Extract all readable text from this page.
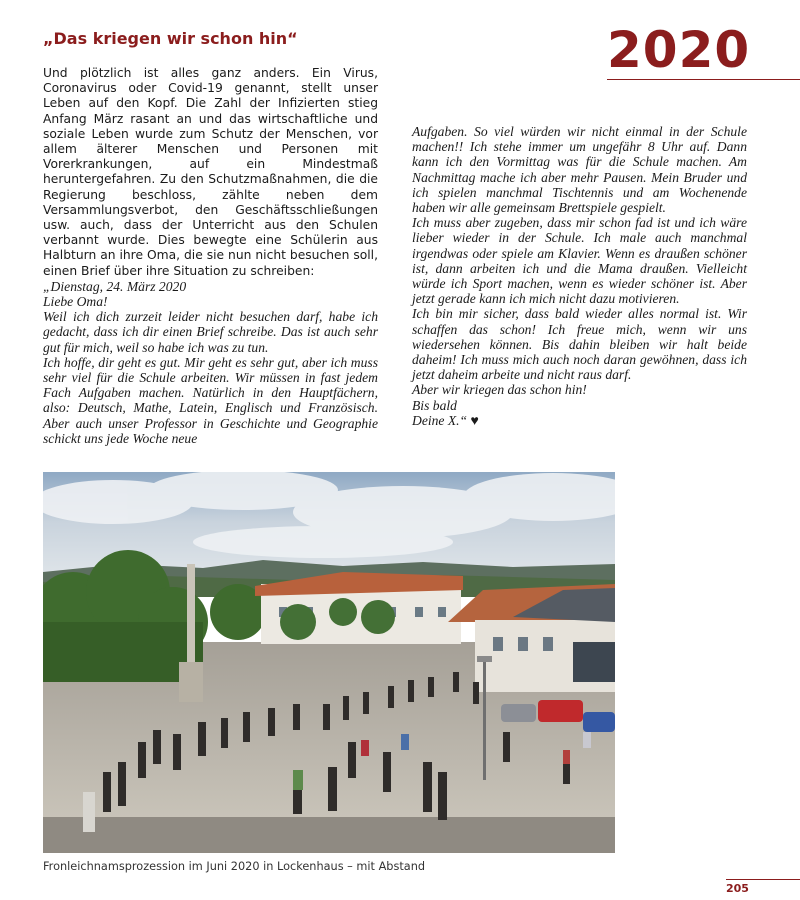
„Das kriegen wir schon hin“	2020

Und plötzlich ist alles ganz anders. Ein Virus, Coronavirus oder Covid-19 genannt, stellt unser Leben auf den Kopf. Die Zahl der Infizierten stieg Anfang März rasant an und das wirtschaftliche und soziale Leben wurde zum Schutz der Menschen, vor allem älterer Menschen und Personen mit Vorerkrankungen, auf ein Mindestmaß heruntergefahren. Zu den Schutzmaßnahmen, die die Regierung beschloss, zählte neben dem Versammlungsverbot, den Geschäftsschließungen usw. auch, dass der Unterricht aus den Schulen verbannt wurde. Dies bewegte eine Schülerin aus Halbturn an ihre Oma, die sie nun nicht besuchen soll, einen Brief über ihre Situation zu schreiben:

„Dienstag, 24. März 2020

Liebe Oma!

Weil ich dich zurzeit leider nicht besuchen darf, habe ich gedacht, dass ich dir einen Brief schreibe. Das ist auch sehr gut für mich, weil so habe ich was zu tun.

Ich hoffe, dir geht es gut. Mir geht es sehr gut, aber ich muss sehr viel für die Schule arbeiten. Wir müssen in fast jedem Fach Aufgaben machen. Natürlich in den Hauptfächern, also: Deutsch, Mathe, Latein, Englisch und Französisch. Aber auch unser Professor in Geschichte und Geographie schickt uns jede Woche neue

Aufgaben. So viel würden wir nicht einmal in der Schule machen!! Ich stehe immer um ungefähr 8 Uhr auf. Dann kann ich den Vormittag was für die Schule machen. Am Nachmittag mache ich aber mehr Pausen. Mein Bruder und ich spielen manchmal Tischtennis und am Wochenende haben wir alle gemeinsam Brettspiele gespielt.

Ich muss aber zugeben, dass mir schon fad ist und ich wäre lieber wieder in der Schule. Ich male auch manchmal irgendwas oder spiele am Klavier. Wenn es draußen schöner ist, dann arbeiten ich und die Mama draußen. Vielleicht würde ich Sport machen, wenn es wieder schöner ist. Aber jetzt gerade kann ich mich nicht dazu motivieren.

Ich bin mir sicher, dass bald wieder alles normal ist. Wir schaffen das schon! Ich freue mich, wenn wir uns wiedersehen können. Bis dahin bleiben wir halt beide daheim! Ich muss mich auch noch daran gewöhnen, dass ich jetzt daheim arbeite und nicht raus darf.

Aber wir kriegen das schon hin!

Bis bald

Deine X.“ ♥

Fronleichnamsprozession im Juni 2020 in Lockenhaus – mit Abstand
205
